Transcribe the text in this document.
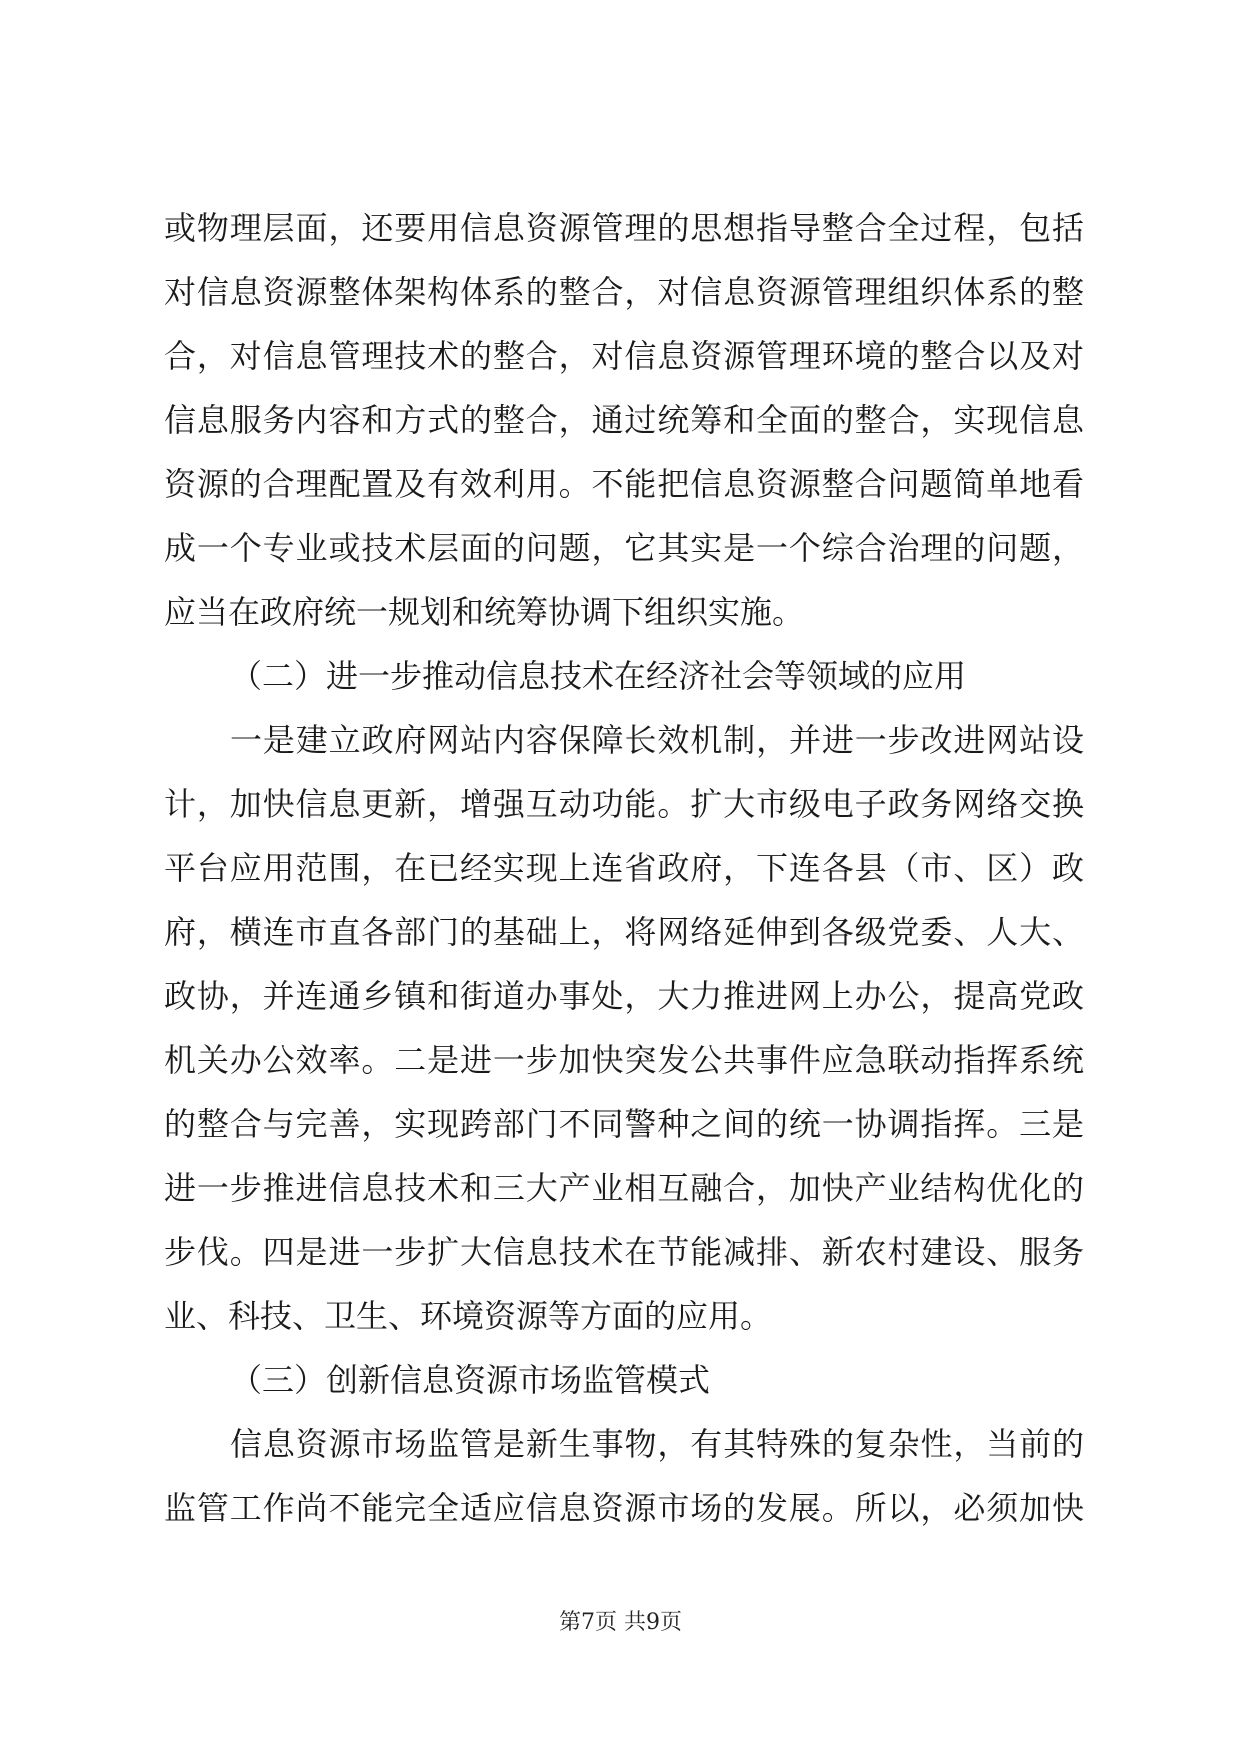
或物理层面，还要用信息资源管理的思想指导整合全过程，包括
对信息资源整体架构体系的整合，对信息资源管理组织体系的整
合，对信息管理技术的整合，对信息资源管理环境的整合以及对
信息服务内容和方式的整合，通过统筹和全面的整合，实现信息
资源的合理配置及有效利用。不能把信息资源整合问题简单地看
成一个专业或技术层面的问题，它其实是一个综合治理的问题，
应当在政府统一规划和统筹协调下组织实施。
（二）进一步推动信息技术在经济社会等领域的应用
一是建立政府网站内容保障长效机制，并进一步改进网站设
计，加快信息更新，增强互动功能。扩大市级电子政务网络交换
平台应用范围，在已经实现上连省政府，下连各县（市、区）政
府，横连市直各部门的基础上，将网络延伸到各级党委、人大、
政协，并连通乡镇和街道办事处，大力推进网上办公，提高党政
机关办公效率。二是进一步加快突发公共事件应急联动指挥系统
的整合与完善，实现跨部门不同警种之间的统一协调指挥。三是
进一步推进信息技术和三大产业相互融合，加快产业结构优化的
步伐。四是进一步扩大信息技术在节能减排、新农村建设、服务
业、科技、卫生、环境资源等方面的应用。
（三）创新信息资源市场监管模式
信息资源市场监管是新生事物，有其特殊的复杂性，当前的
监管工作尚不能完全适应信息资源市场的发展。所以，必须加快
第7页 共9页
